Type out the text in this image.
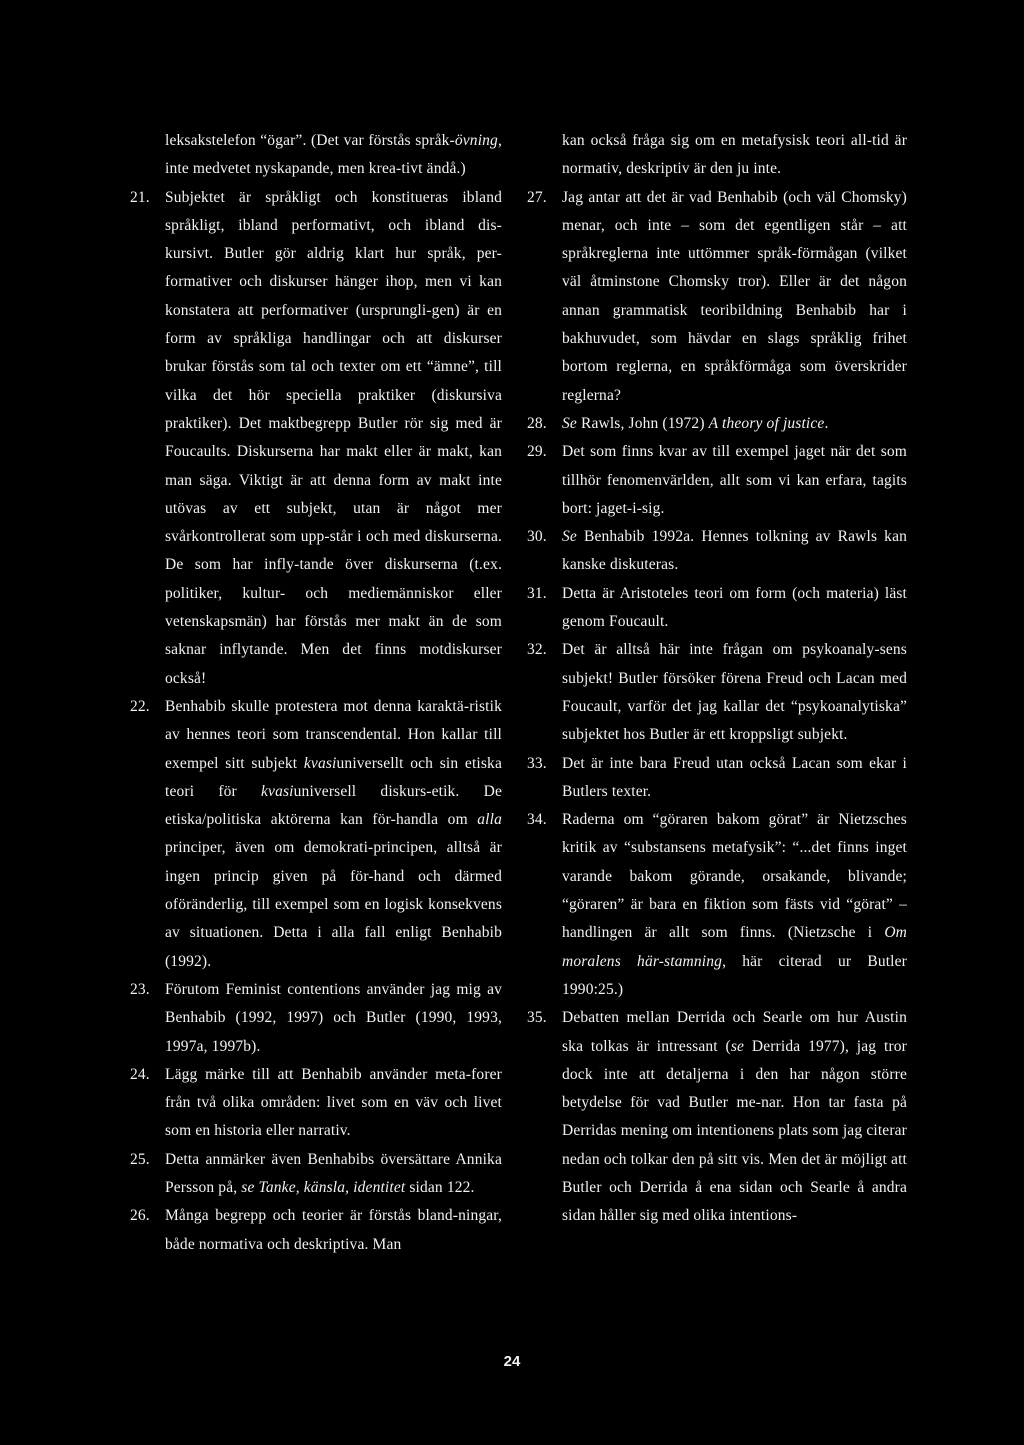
leksakstelefon “ögar”. (Det var förstås språk-övning, inte medvetet nyskapande, men krea-tivt ändå.)

21. Subjektet är språkligt och konstitueras ibland språkligt, ibland performativt, och ibland dis-kursivt. Butler gör aldrig klart hur språk, per-formativer och diskurser hänger ihop, men vi kan konstatera att performativer (ursprungli-gen) är en form av språkliga handlingar och att diskurser brukar förstås som tal och texter om ett “ämne”, till vilka det hör speciella praktiker (diskursiva praktiker). Det maktbegrepp Butler rör sig med är Foucaults. Diskurserna har makt eller är makt, kan man säga. Viktigt är att denna form av makt inte utövas av ett subjekt, utan är något mer svårkontrollerat som upp-står i och med diskurserna. De som har infly-tande över diskurserna (t.ex. politiker, kultur- och mediemänniskor eller vetenskapsmän) har förstås mer makt än de som saknar inflytande. Men det finns motdiskurser också!

22. Benhabib skulle protestera mot denna karaktä-ristik av hennes teori som transcendental. Hon kallar till exempel sitt subjekt kvasiuniversellt och sin etiska teori för kvasiuniversell diskurs-etik. De etiska/politiska aktörerna kan för-handla om alla principer, även om demokrati-principen, alltså är ingen princip given på för-hand och därmed oföränderlig, till exempel som en logisk konsekvens av situationen. Detta i alla fall enligt Benhabib (1992).

23. Förutom Feminist contentions använder jag mig av Benhabib (1992, 1997) och Butler (1990, 1993, 1997a, 1997b).

24. Lägg märke till att Benhabib använder meta-forer från två olika områden: livet som en väv och livet som en historia eller narrativ.

25. Detta anmärker även Benhabibs översättare Annika Persson på, se Tanke, känsla, identitet sidan 122.

26. Många begrepp och teorier är förstås bland-ningar, både normativa och deskriptiva. Man

kan också fråga sig om en metafysisk teori all-tid är normativ, deskriptiv är den ju inte.

27. Jag antar att det är vad Benhabib (och väl Chomsky) menar, och inte – som det egentligen står – att språkreglerna inte uttömmer språk-förmågan (vilket väl åtminstone Chomsky tror). Eller är det någon annan grammatisk teoribildning Benhabib har i bakhuvudet, som hävdar en slags språklig frihet bortom reglerna, en språkförmåga som överskrider reglerna?

28. Se Rawls, John (1972) A theory of justice.

29. Det som finns kvar av till exempel jaget när det som tillhör fenomenvärlden, allt som vi kan erfara, tagits bort: jaget-i-sig.

30. Se Benhabib 1992a. Hennes tolkning av Rawls kan kanske diskuteras.

31. Detta är Aristoteles teori om form (och materia) läst genom Foucault.

32. Det är alltså här inte frågan om psykoanaly-sens subjekt! Butler försöker förena Freud och Lacan med Foucault, varför det jag kallar det “psykoanalytiska” subjektet hos Butler är ett kroppsligt subjekt.

33. Det är inte bara Freud utan också Lacan som ekar i Butlers texter.

34. Raderna om “göraren bakom görat” är Nietzsches kritik av “substansens metafysik”: “...det finns inget varande bakom görande, orsakande, blivande; “göraren” är bara en fiktion som fästs vid “görat” – handlingen är allt som finns. (Nietzsche i Om moralens här-stamning, här citerad ur Butler 1990:25.)

35. Debatten mellan Derrida och Searle om hur Austin ska tolkas är intressant (se Derrida 1977), jag tror dock inte att detaljerna i den har någon större betydelse för vad Butler me-nar. Hon tar fasta på Derridas mening om intentionens plats som jag citerar nedan och tolkar den på sitt vis. Men det är möjligt att Butler och Derrida å ena sidan och Searle å andra sidan håller sig med olika intentions-

24
